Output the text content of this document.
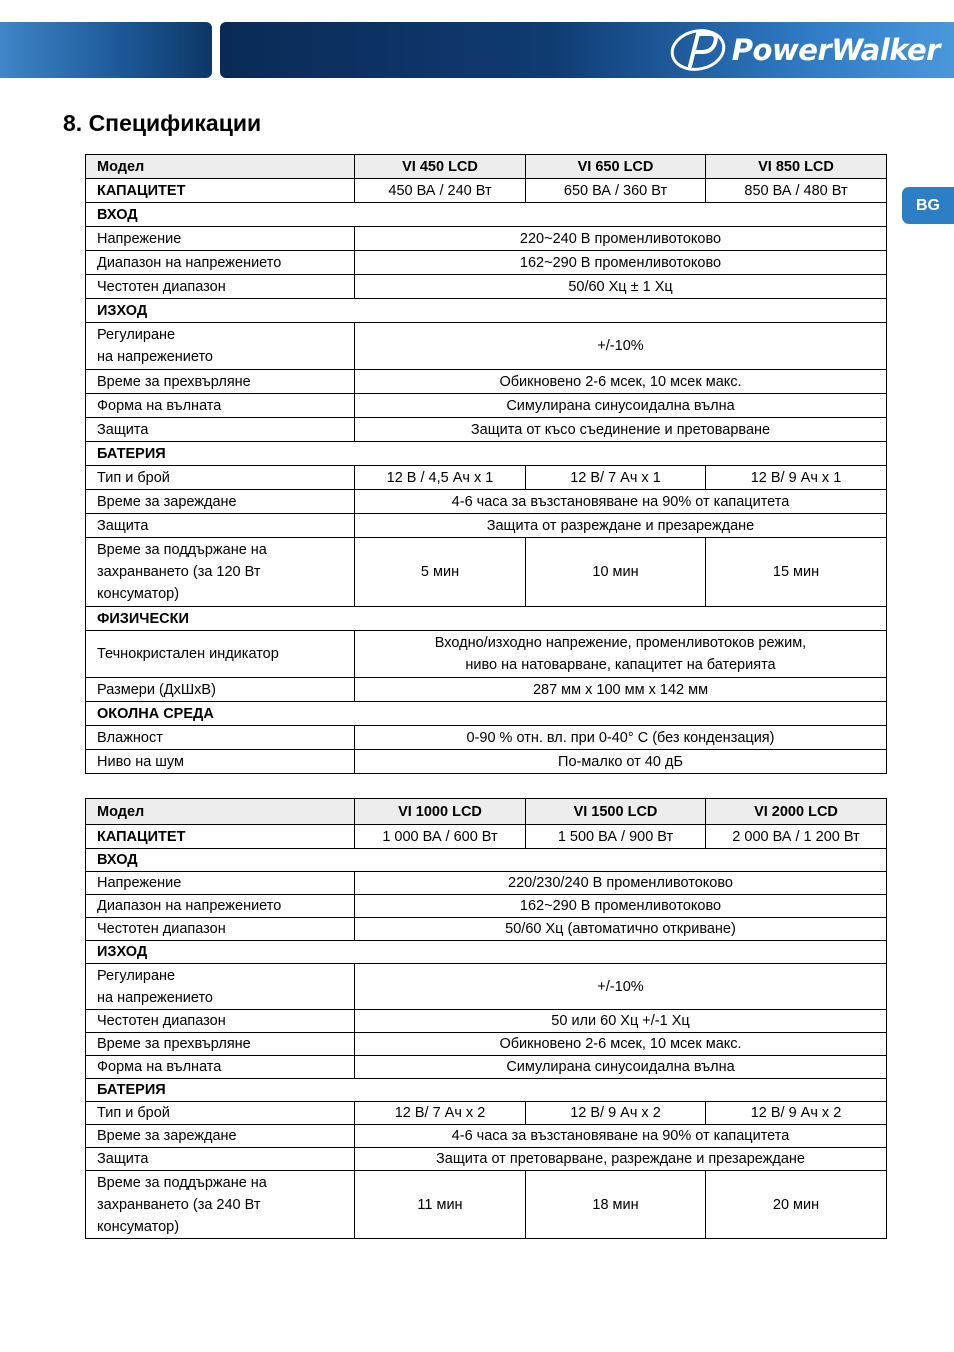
PowerWalker
BG
8. Спецификации
Модел	VI 450 LCD	VI 650 LCD	VI 850 LCD
КАПАЦИТЕТ	450 ВА / 240 Вт	650 ВА / 360 Вт	850 ВА / 480 Вт
ВХОД			
Напрежение	220~240 В променливотоково		
Диапазон на напрежението	162~290 В променливотоково		
Честотен диапазон	50/60 Хц ± 1 Хц		
ИЗХОД			

Регулиране
на напрежението	+/-10%		
Време за прехвърляне	Обикновено 2-6 мсек, 10 мсек макс.		
Форма на вълната	Симулирана синусоидална вълна		
Защита	Защита от късо съединение и претоварване		
БАТЕРИЯ			
Тип и брой	12 В / 4,5 Ач x 1	12 В/ 7 Ач x 1	12 В/ 9 Ач x 1
Време за зареждане	4-6 часа за възстановяване на 90% от капацитета		
Защита	Защита от разреждане и презареждане		

Време за поддържане на
захранването (за 120 Вт
консуматор)	5 мин	10 мин	15 мин
ФИЗИЧЕСКИ			
Течнокристален индикатор	Входно/изходно напрежение, променливотоков режим,
ниво на натоварване, капацитет на батерията		

Размери (ДхШхВ)	287 мм x 100 мм x 142 мм		
ОКОЛНА СРЕДА			
Влажност	0-90 % отн. вл. при 0-40° C (без кондензация)		
Ниво на шум	По-малко от 40 дБ		
Модел	VI 1000 LCD	VI 1500 LCD	VI 2000 LCD
КАПАЦИТЕТ	1 000 ВА / 600 Вт	1 500 ВА / 900 Вт	2 000 ВА / 1 200 Вт
ВХОД			
Напрежение	220/230/240 В променливотоково		
Диапазон на напрежението	162~290 В променливотоково		
Честотен диапазон	50/60 Хц (автоматично откриване)		
ИЗХОД			

Регулиране
на напрежението	+/-10%		
Честотен диапазон	50 или 60 Хц +/-1 Хц		
Време за прехвърляне	Обикновено 2-6 мсек, 10 мсек макс.		
Форма на вълната	Симулирана синусоидална вълна		
БАТЕРИЯ			
Тип и брой	12 В/ 7 Ач x 2	12 В/ 9 Ач x 2	12 В/ 9 Ач x 2
Време за зареждане	4-6 часа за възстановяване на 90% от капацитета		
Защита	Защита от претоварване, разреждане и презареждане		

Време за поддържане на
захранването (за 240 Вт
консуматор)	11 мин	18 мин	20 мин
